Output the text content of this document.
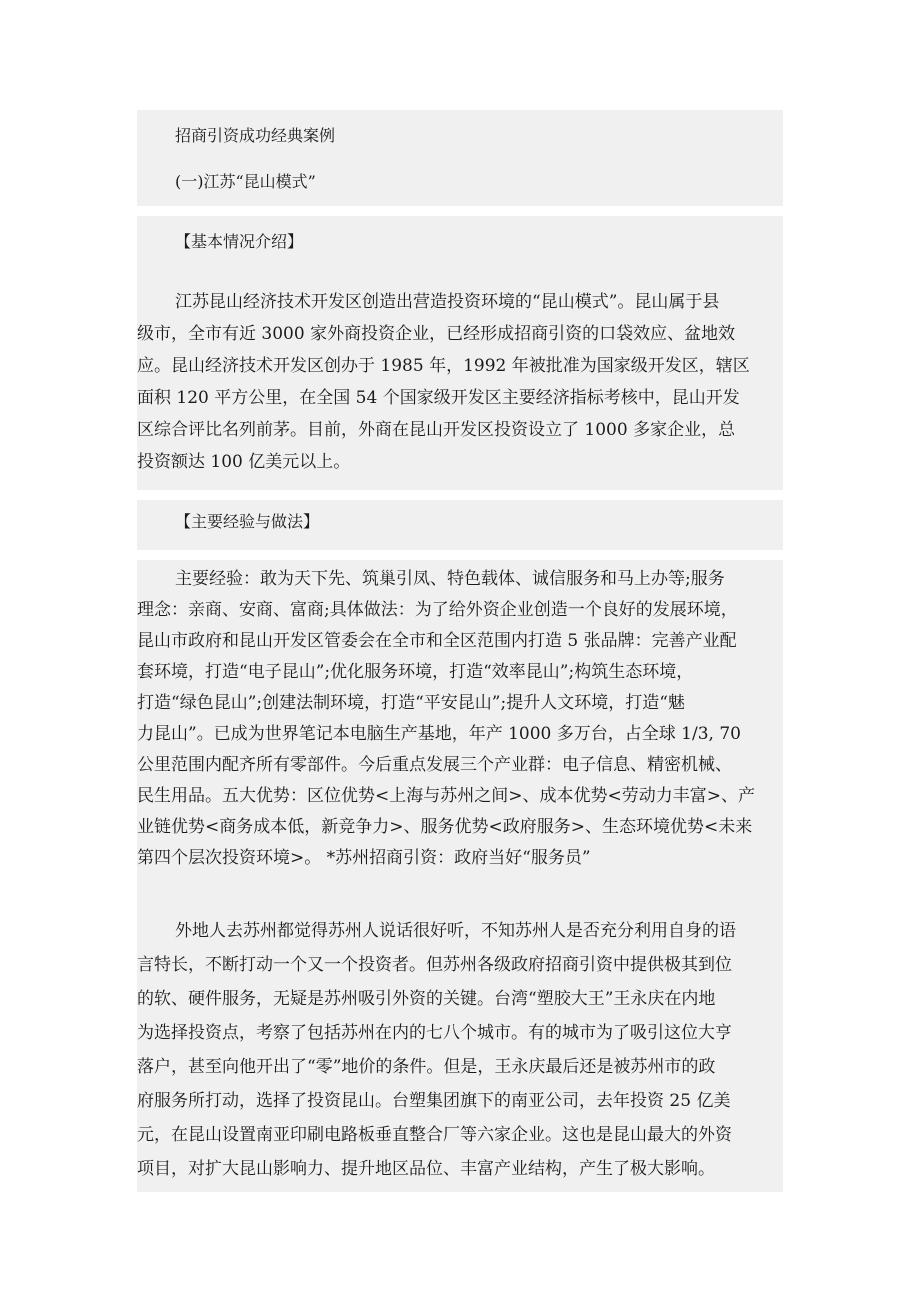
招商引资成功经典案例
(一)江苏“昆山模式”
【基本情况介绍】
江苏昆山经济技术开发区创造出营造投资环境的“昆山模式”。昆山属于县
级市，全市有近 3000 家外商投资企业，已经形成招商引资的口袋效应、盆地效
应。昆山经济技术开发区创办于 1985 年，1992 年被批准为国家级开发区，辖区
面积 120 平方公里，在全国 54 个国家级开发区主要经济指标考核中，昆山开发
区综合评比名列前茅。目前，外商在昆山开发区投资设立了 1000 多家企业，总
投资额达 100 亿美元以上。
【主要经验与做法】
主要经验：敢为天下先、筑巢引凤、特色载体、诚信服务和马上办等;服务
理念：亲商、安商、富商;具体做法：为了给外资企业创造一个良好的发展环境，
昆山市政府和昆山开发区管委会在全市和全区范围内打造 5 张品牌：完善产业配
套环境，打造“电子昆山”;优化服务环境，打造“效率昆山”;构筑生态环境，
打造“绿色昆山”;创建法制环境，打造“平安昆山”;提升人文环境，打造“魅
力昆山”。已成为世界笔记本电脑生产基地，年产 1000 多万台，占全球 1/3, 70
公里范围内配齐所有零部件。今后重点发展三个产业群：电子信息、精密机械、
民生用品。五大优势：区位优势<上海与苏州之间>、成本优势<劳动力丰富>、产
业链优势<商务成本低，新竞争力>、服务优势<政府服务>、生态环境优势<未来
第四个层次投资环境>。 *苏州招商引资：政府当好“服务员”
外地人去苏州都觉得苏州人说话很好听，不知苏州人是否充分利用自身的语
言特长，不断打动一个又一个投资者。但苏州各级政府招商引资中提供极其到位
的软、硬件服务，无疑是苏州吸引外资的关键。台湾“塑胶大王”王永庆在内地
为选择投资点，考察了包括苏州在内的七八个城市。有的城市为了吸引这位大亨
落户，甚至向他开出了“零”地价的条件。但是，王永庆最后还是被苏州市的政
府服务所打动，选择了投资昆山。台塑集团旗下的南亚公司，去年投资 25 亿美
元，在昆山设置南亚印刷电路板垂直整合厂等六家企业。这也是昆山最大的外资
项目，对扩大昆山影响力、提升地区品位、丰富产业结构，产生了极大影响。
